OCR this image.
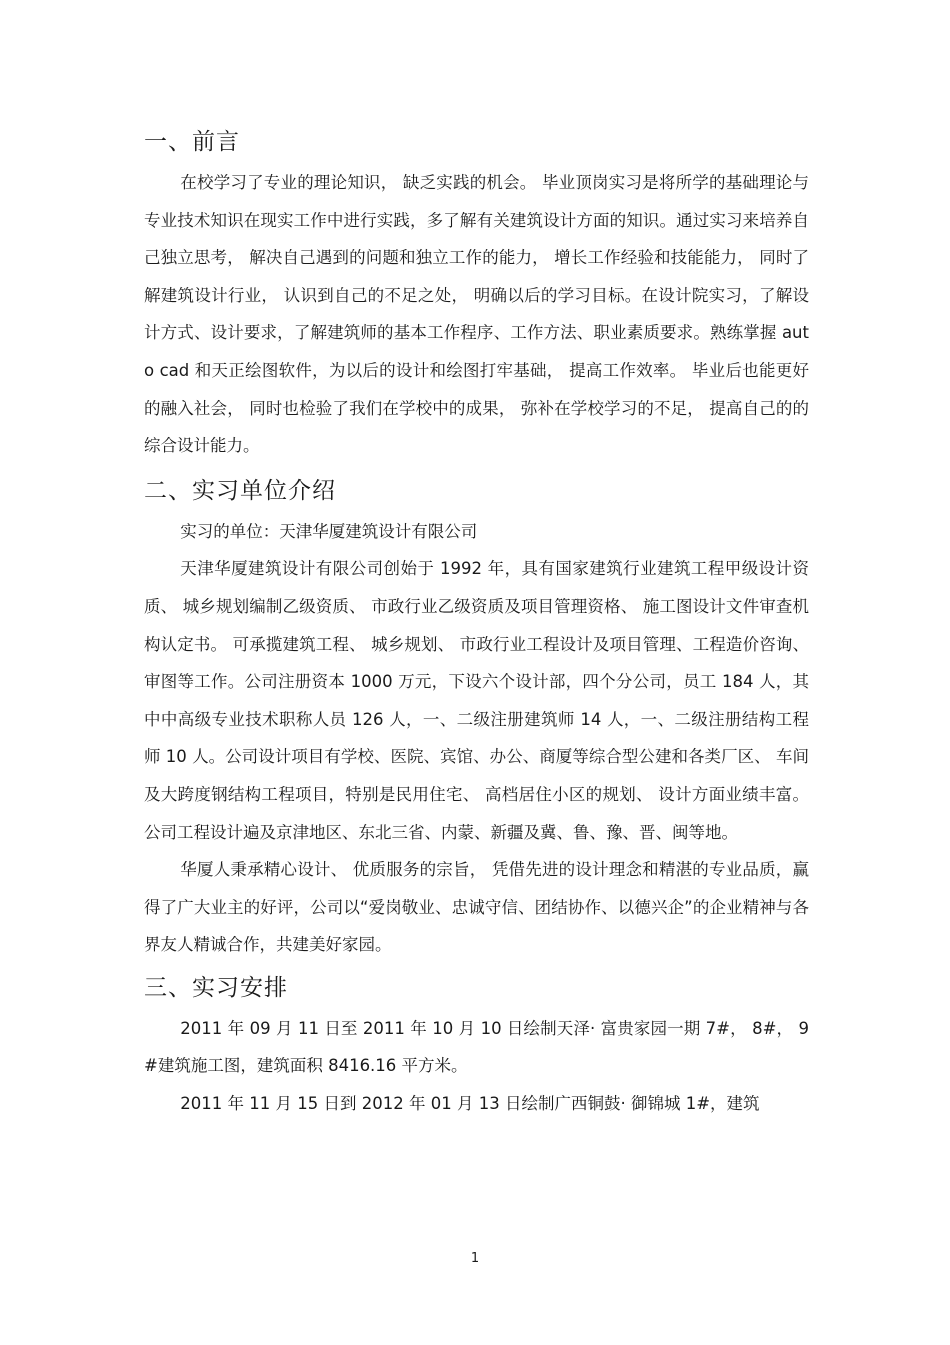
一、前言

在校学习了专业的理论知识， 缺乏实践的机会。 毕业顶岗实习是将所学的基础理论与专业技术知识在现实工作中进行实践，多了解有关建筑设计方面的知识。通过实习来培养自己独立思考， 解决自己遇到的问题和独立工作的能力， 增长工作经验和技能能力， 同时了解建筑设计行业， 认识到自己的不足之处， 明确以后的学习目标。在设计院实习，了解设计方式、设计要求，了解建筑师的基本工作程序、工作方法、职业素质要求。熟练掌握 auto cad 和天正绘图软件，为以后的设计和绘图打牢基础， 提高工作效率。 毕业后也能更好的融入社会， 同时也检验了我们在学校中的成果， 弥补在学校学习的不足， 提高自己的的综合设计能力。

二、实习单位介绍

实习的单位：天津华厦建筑设计有限公司

天津华厦建筑设计有限公司创始于 1992 年，具有国家建筑行业建筑工程甲级设计资质、 城乡规划编制乙级资质、 市政行业乙级资质及项目管理资格、 施工图设计文件审查机构认定书。 可承揽建筑工程、 城乡规划、 市政行业工程设计及项目管理、工程造价咨询、审图等工作。公司注册资本 1000 万元，下设六个设计部，四个分公司，员工 184 人，其中中高级专业技术职称人员 126 人，一、二级注册建筑师 14 人，一、二级注册结构工程师 10 人。公司设计项目有学校、医院、宾馆、办公、商厦等综合型公建和各类厂区、 车间及大跨度钢结构工程项目，特别是民用住宅、 高档居住小区的规划、 设计方面业绩丰富。 公司工程设计遍及京津地区、东北三省、内蒙、新疆及冀、鲁、豫、晋、闽等地。

华厦人秉承精心设计、 优质服务的宗旨， 凭借先进的设计理念和精湛的专业品质，赢得了广大业主的好评，公司以“爱岗敬业、忠诚守信、团结协作、以德兴企”的企业精神与各界友人精诚合作，共建美好家园。

三、实习安排

2011 年 09 月 11 日至 2011 年 10 月 10 日绘制天泽· 富贵家园一期 7#， 8#， 9#建筑施工图，建筑面积 8416.16 平方米。

2011 年 11 月 15 日到 2012 年 01 月 13 日绘制广西铜鼓· 御锦城 1#，建筑

1
